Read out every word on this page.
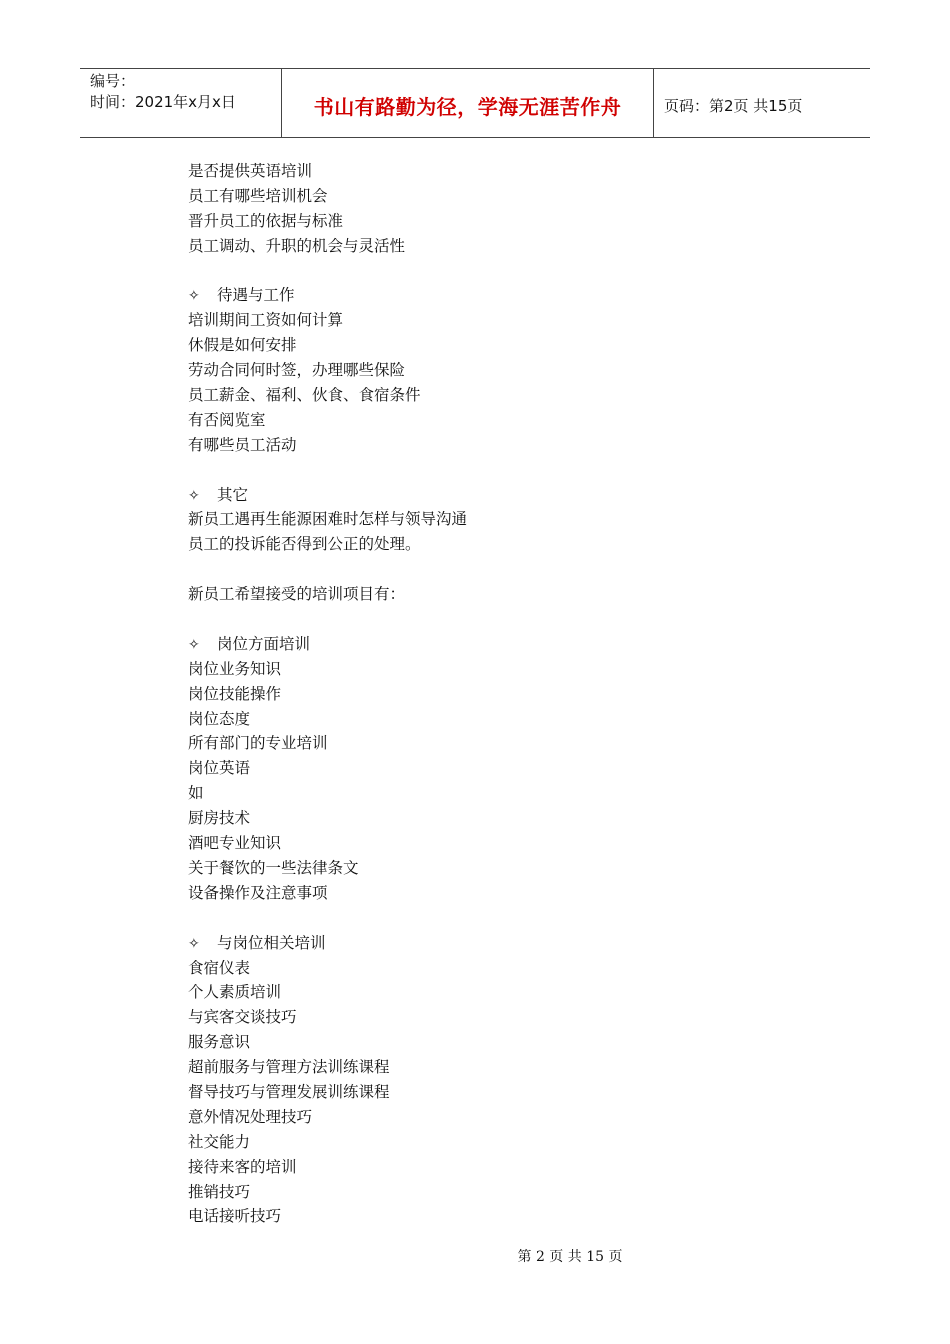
编号：
时间：2021年x月x日	书山有路勤为径，学海无涯苦作舟	页码：第2页 共15页
是否提供英语培训
员工有哪些培训机会
晋升员工的依据与标准
员工调动、升职的机会与灵活性
✧ 待遇与工作
培训期间工资如何计算
休假是如何安排
劳动合同何时签，办理哪些保险
员工薪金、福利、伙食、食宿条件
有否阅览室
有哪些员工活动
✧ 其它
新员工遇再生能源困难时怎样与领导沟通
员工的投诉能否得到公正的处理。
新员工希望接受的培训项目有：
✧ 岗位方面培训
岗位业务知识
岗位技能操作
岗位态度
所有部门的专业培训
岗位英语
如
厨房技术
酒吧专业知识
关于餐饮的一些法律条文
设备操作及注意事项
✧ 与岗位相关培训
食宿仪表
个人素质培训
与宾客交谈技巧
服务意识
超前服务与管理方法训练课程
督导技巧与管理发展训练课程
意外情况处理技巧
社交能力
接待来客的培训
推销技巧
电话接听技巧
第 2 页 共 15 页
